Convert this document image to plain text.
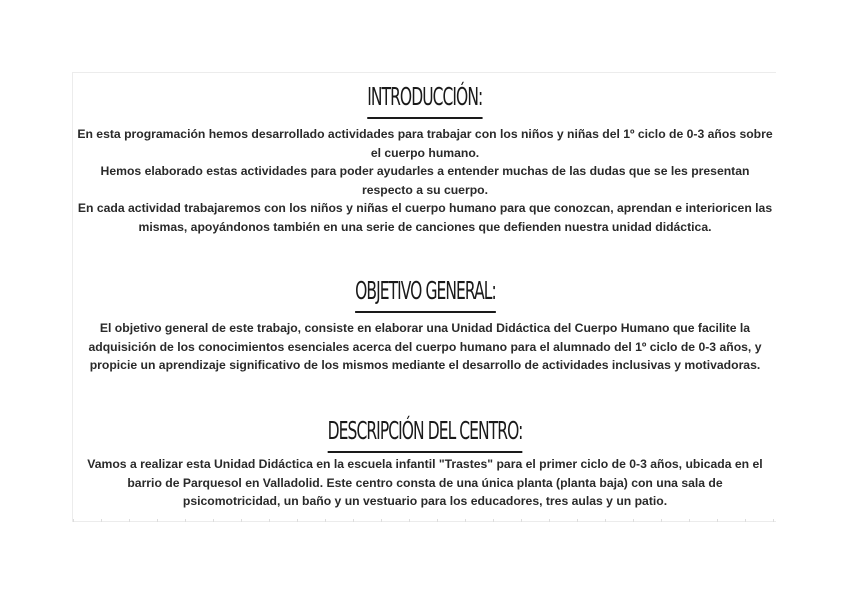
INTRODUCCIÓN:

En esta programación hemos desarrollado actividades para trabajar con los niños y niñas del 1º ciclo de 0-3 años sobre el cuerpo humano.

Hemos elaborado estas actividades para poder ayudarles a entender muchas de las dudas que se les presentan respecto a su cuerpo.

En cada actividad trabajaremos con los niños y niñas el cuerpo humano para que conozcan, aprendan e interioricen las mismas, apoyándonos también en una serie de canciones que defienden nuestra unidad didáctica.

OBJETIVO GENERAL:

El objetivo general de este trabajo, consiste en elaborar una Unidad Didáctica del Cuerpo Humano que facilite la adquisición de los conocimientos esenciales acerca del cuerpo humano para el alumnado del 1º ciclo de 0-3 años, y propicie un aprendizaje significativo de los mismos mediante el desarrollo de actividades inclusivas y motivadoras.

DESCRIPCIÓN DEL CENTRO:

Vamos a realizar esta Unidad Didáctica en la escuela infantil "Trastes" para el primer ciclo de 0-3 años, ubicada en el barrio de Parquesol en Valladolid. Este centro consta de una única planta (planta baja) con una sala de psicomotricidad, un baño y un vestuario para los educadores, tres aulas y un patio.
